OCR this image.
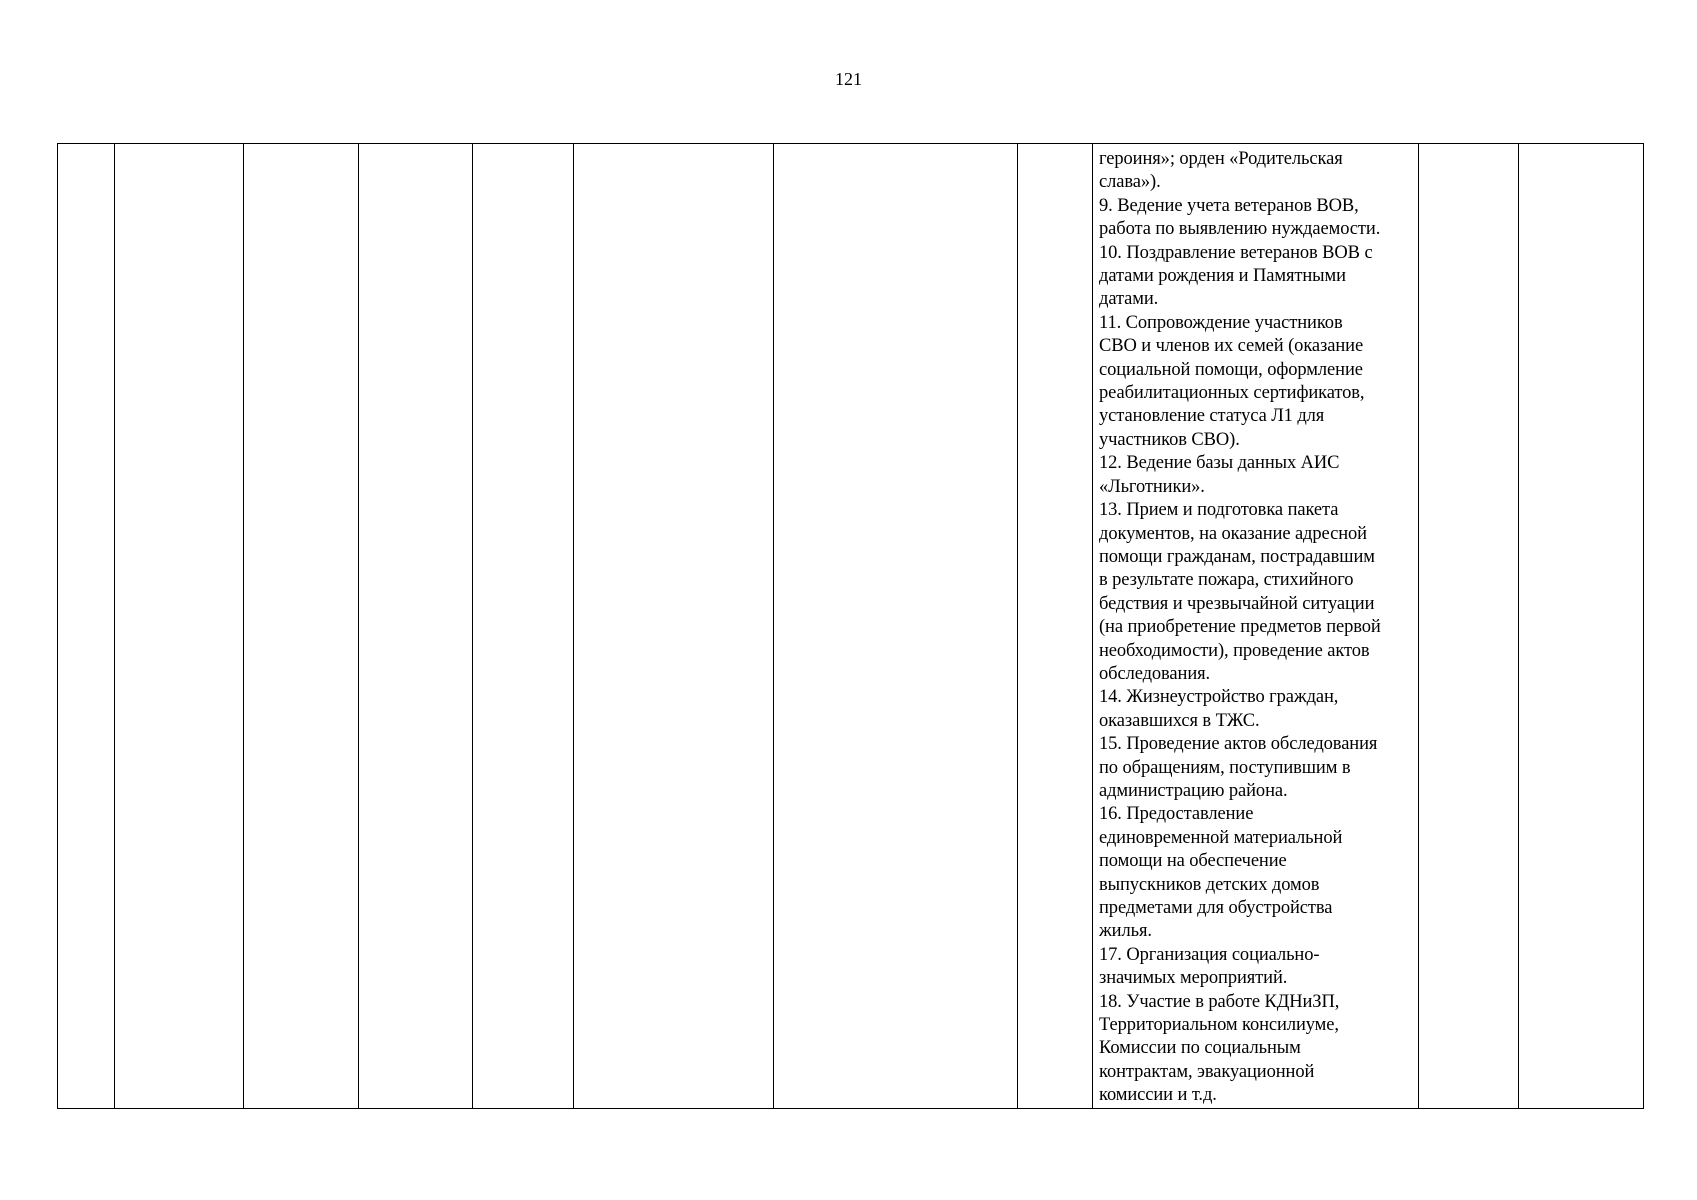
121

героиня»; орден «Родительская
слава»).
9. Ведение учета ветеранов ВОВ,
работа по выявлению нуждаемости.
10. Поздравление ветеранов ВОВ с
датами рождения и Памятными
датами.
11. Сопровождение участников
СВО и членов их семей (оказание
социальной помощи, оформление
реабилитационных сертификатов,
установление статуса Л1 для
участников СВО).
12. Ведение базы данных АИС
«Льготники».
13. Прием и подготовка пакета
документов, на оказание адресной
помощи гражданам, пострадавшим
в результате пожара, стихийного
бедствия и чрезвычайной ситуации
(на приобретение предметов первой
необходимости), проведение актов
обследования.
14. Жизнеустройство граждан,
оказавшихся в ТЖС.
15. Проведение актов обследования
по обращениям, поступившим в
администрацию района.
16. Предоставление
единовременной материальной
помощи на обеспечение
выпускников детских домов
предметами для обустройства
жилья.
17. Организация социально-
значимых мероприятий.
18. Участие в работе КДНиЗП,
Территориальном консилиуме,
Комиссии по социальным
контрактам, эвакуационной
комиссии и т.д.
